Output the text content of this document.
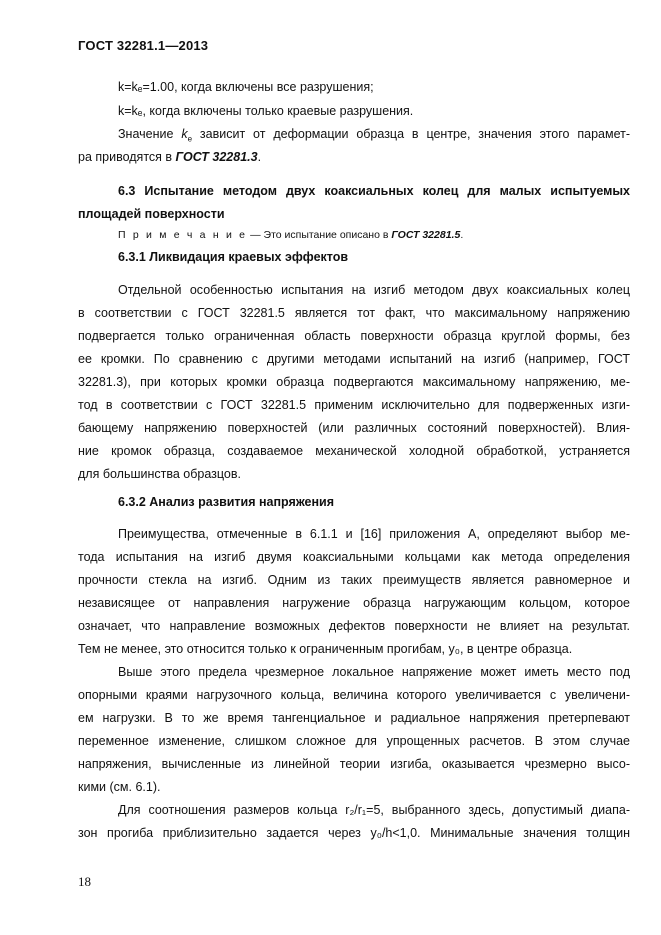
ГОСТ 32281.1—2013
k=kₑ=1.00, когда включены все разрушения;
k=kₑ, когда включены только краевые разрушения.
Значение $k_e$ зависит от деформации образца в центре, значения этого парамет-
ра приводятся в ГОСТ 32281.3.
6.3 Испытание методом двух коаксиальных колец для малых испытуемых
площадей поверхности
П р и м е ч а н и е — Это испытание описано в ГОСТ 32281.5.
6.3.1 Ликвидация краевых эффектов
Отдельной особенностью испытания на изгиб методом двух коаксиальных колец
в соответствии с ГОСТ 32281.5 является тот факт, что максимальному напряжению
подвергается только ограниченная область поверхности образца круглой формы, без
ее кромки. По сравнению с другими методами испытаний на изгиб (например, ГОСТ
32281.3), при которых кромки образца подвергаются максимальному напряжению, ме-
тод в соответствии с ГОСТ 32281.5 применим исключительно для подверженных изги-
бающему напряжению поверхностей (или различных состояний поверхностей). Влия-
ние кромок образца, создаваемое механической холодной обработкой, устраняется
для большинства образцов.
6.3.2 Анализ развития напряжения
Преимущества, отмеченные в 6.1.1 и [16] приложения А, определяют выбор ме-
тода испытания на изгиб двумя коаксиальными кольцами как метода определения
прочности стекла на изгиб. Одним из таких преимуществ является равномерное и
независящее от направления нагружение образца нагружающим кольцом, которое
означает, что направление возможных дефектов поверхности не влияет на результат.
Тем не менее, это относится только к ограниченным прогибам, y₀, в центре образца.
Выше этого предела чрезмерное локальное напряжение может иметь место под
опорными краями нагрузочного кольца, величина которого увеличивается с увеличени-
ем нагрузки. В то же время тангенциальное и радиальное напряжения претерпевают
переменное изменение, слишком сложное для упрощенных расчетов. В этом случае
напряжения, вычисленные из линейной теории изгиба, оказывается чрезмерно высо-
кими (см. 6.1).
Для соотношения размеров кольца r₂/r₁=5, выбранного здесь, допустимый диапа-
зон прогиба приблизительно задается через y₀/h<1,0. Минимальные значения толщин
18
